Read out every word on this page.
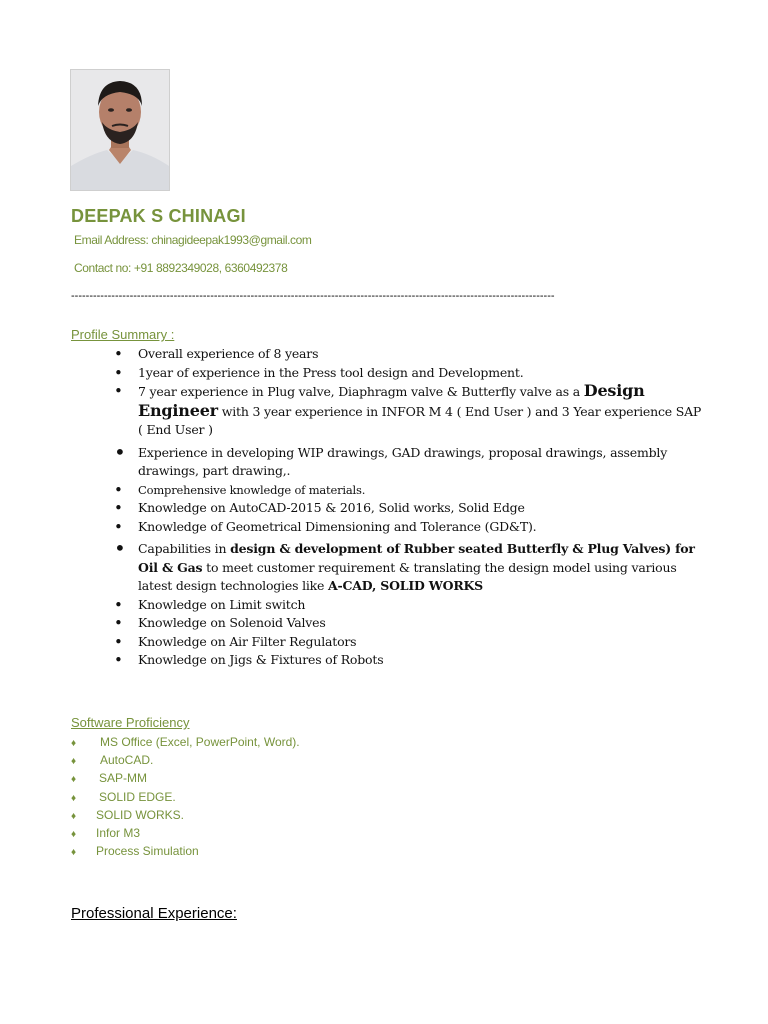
DEEPAK S CHINAGI
Email Address: chinagideepak1993@gmail.com
Contact no: +91 8892349028, 6360492378
------------------------------------------------------------------------------------------------------------------------------------
Profile Summary :
• Overall experience of 8 years
• 1year of experience in the Press tool design and Development.
• 7 year experience in Plug valve, Diaphragm valve & Butterfly valve as a Design Engineer with 3 year experience in INFOR M 4 ( End User ) and 3 Year experience SAP ( End User )
• Experience in developing WIP drawings, GAD drawings, proposal drawings, assembly drawings, part drawing,.
• Comprehensive knowledge of materials.
• Knowledge on AutoCAD-2015 & 2016, Solid works, Solid Edge
• Knowledge of Geometrical Dimensioning and Tolerance (GD&T).
• Capabilities in design & development of Rubber seated Butterfly & Plug Valves) for Oil & Gas to meet customer requirement & translating the design model using various latest design technologies like A-CAD, SOLID WORKS
• Knowledge on Limit switch
• Knowledge on Solenoid Valves
• Knowledge on Air Filter Regulators
• Knowledge on Jigs & Fixtures of Robots
Software Proficiency
♦ MS Office (Excel, PowerPoint, Word).
♦ AutoCAD.
♦ SAP-MM
♦ SOLID EDGE.
♦ SOLID WORKS.
♦ Infor M3
♦ Process Simulation
Professional Experience:
